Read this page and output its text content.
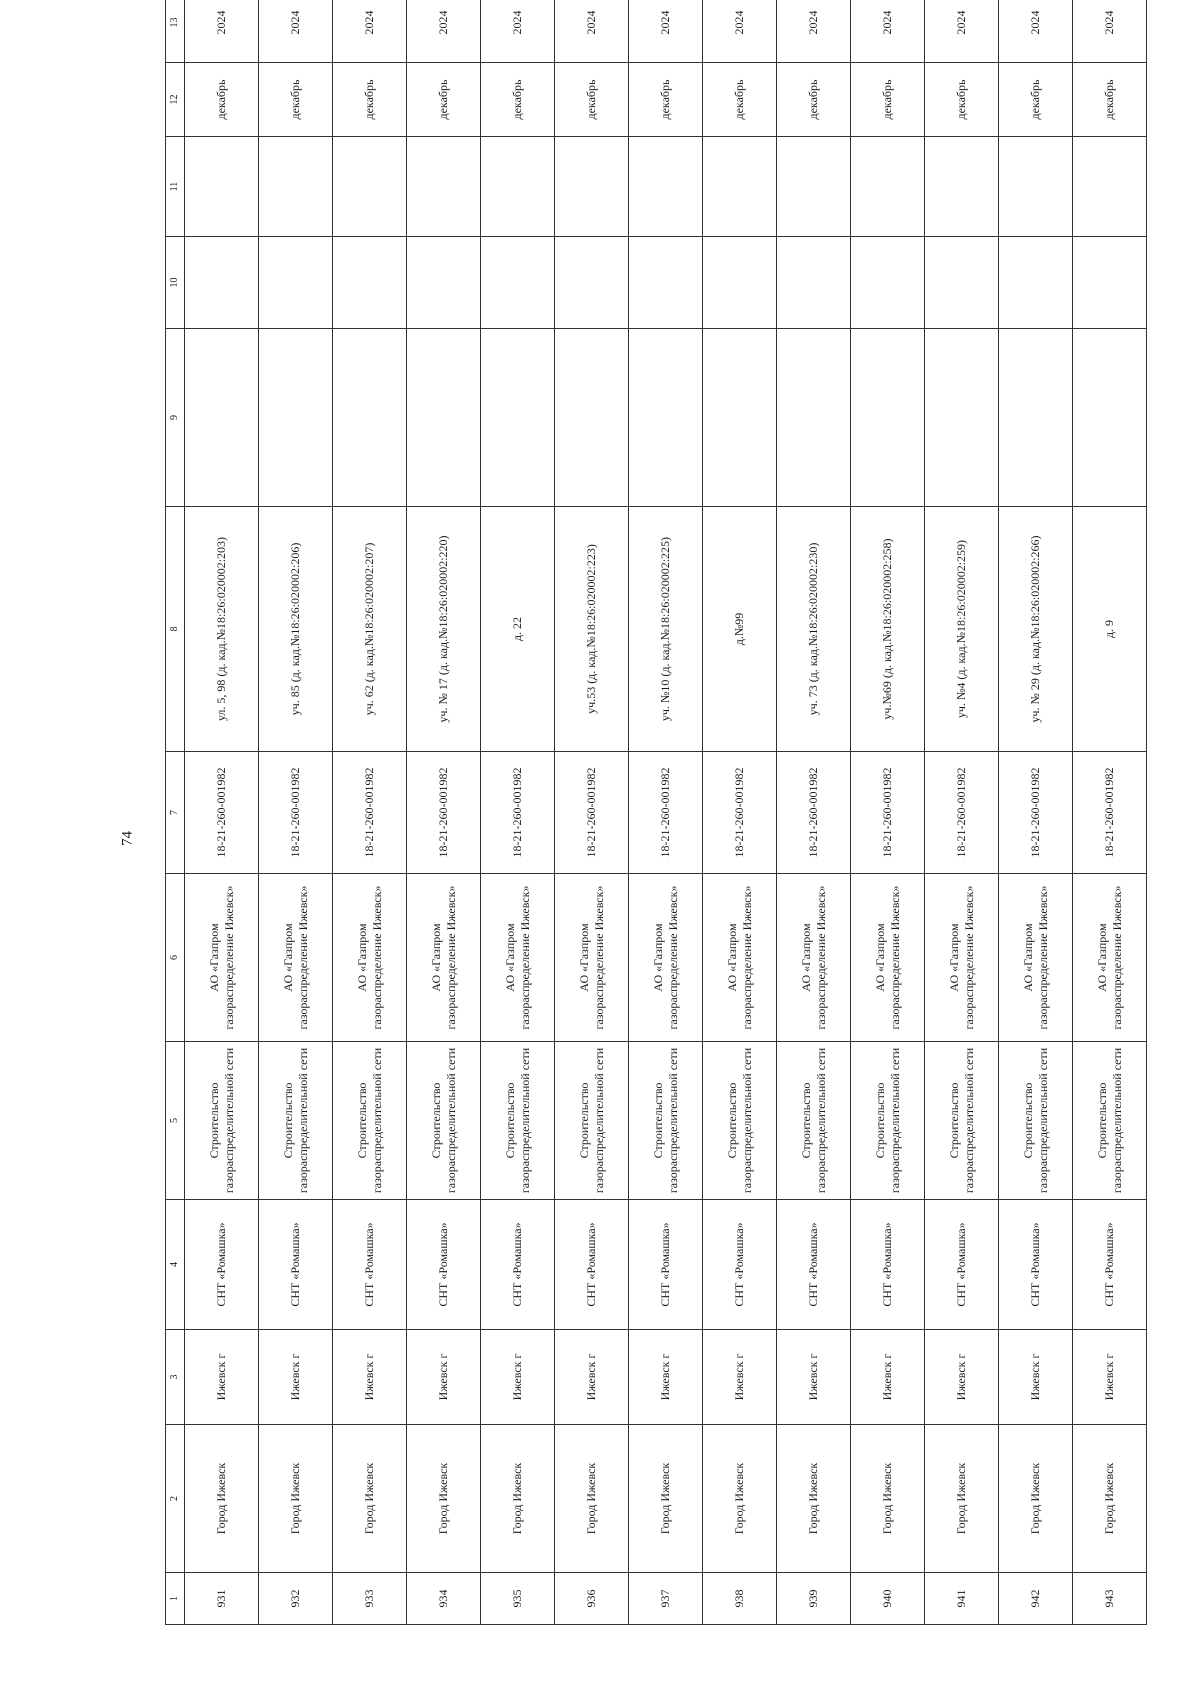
74
1	2	3	4	5	6	7	8	9	10	11	12	13
931	Город Ижевск	Ижевск г	СНТ «Ромашка»	Строительство газораспределительной сети	АО «Газпром газораспределение Ижевск»	18-21-260-001982	ул. 5, 98 (д. кад.№18:26:020002:203)				декабрь	2024
932	Город Ижевск	Ижевск г	СНТ «Ромашка»	Строительство газораспределительной сети	АО «Газпром газораспределение Ижевск»	18-21-260-001982	уч. 85 (д. кад.№18:26:020002:206)				декабрь	2024
933	Город Ижевск	Ижевск г	СНТ «Ромашка»	Строительство газораспределительной сети	АО «Газпром газораспределение Ижевск»	18-21-260-001982	уч. 62 (д. кад.№18:26:020002:207)				декабрь	2024
934	Город Ижевск	Ижевск г	СНТ «Ромашка»	Строительство газораспределительной сети	АО «Газпром газораспределение Ижевск»	18-21-260-001982	уч. № 17 (д. кад.№18:26:020002:220)				декабрь	2024
935	Город Ижевск	Ижевск г	СНТ «Ромашка»	Строительство газораспределительной сети	АО «Газпром газораспределение Ижевск»	18-21-260-001982	д. 22				декабрь	2024
936	Город Ижевск	Ижевск г	СНТ «Ромашка»	Строительство газораспределительной сети	АО «Газпром газораспределение Ижевск»	18-21-260-001982	уч.53 (д. кад.№18:26:020002:223)				декабрь	2024
937	Город Ижевск	Ижевск г	СНТ «Ромашка»	Строительство газораспределительной сети	АО «Газпром газораспределение Ижевск»	18-21-260-001982	уч. №10 (д. кад.№18:26:020002:225)				декабрь	2024
938	Город Ижевск	Ижевск г	СНТ «Ромашка»	Строительство газораспределительной сети	АО «Газпром газораспределение Ижевск»	18-21-260-001982	д.№99				декабрь	2024
939	Город Ижевск	Ижевск г	СНТ «Ромашка»	Строительство газораспределительной сети	АО «Газпром газораспределение Ижевск»	18-21-260-001982	уч. 73 (д. кад.№18:26:020002:230)				декабрь	2024
940	Город Ижевск	Ижевск г	СНТ «Ромашка»	Строительство газораспределительной сети	АО «Газпром газораспределение Ижевск»	18-21-260-001982	уч.№69 (д. кад.№18:26:020002:258)				декабрь	2024
941	Город Ижевск	Ижевск г	СНТ «Ромашка»	Строительство газораспределительной сети	АО «Газпром газораспределение Ижевск»	18-21-260-001982	уч. №4 (д. кад.№18:26:020002:259)				декабрь	2024
942	Город Ижевск	Ижевск г	СНТ «Ромашка»	Строительство газораспределительной сети	АО «Газпром газораспределение Ижевск»	18-21-260-001982	уч. № 29 (д. кад.№18:26:020002:266)				декабрь	2024
943	Город Ижевск	Ижевск г	СНТ «Ромашка»	Строительство газораспределительной сети	АО «Газпром газораспределение Ижевск»	18-21-260-001982	д. 9				декабрь	2024
